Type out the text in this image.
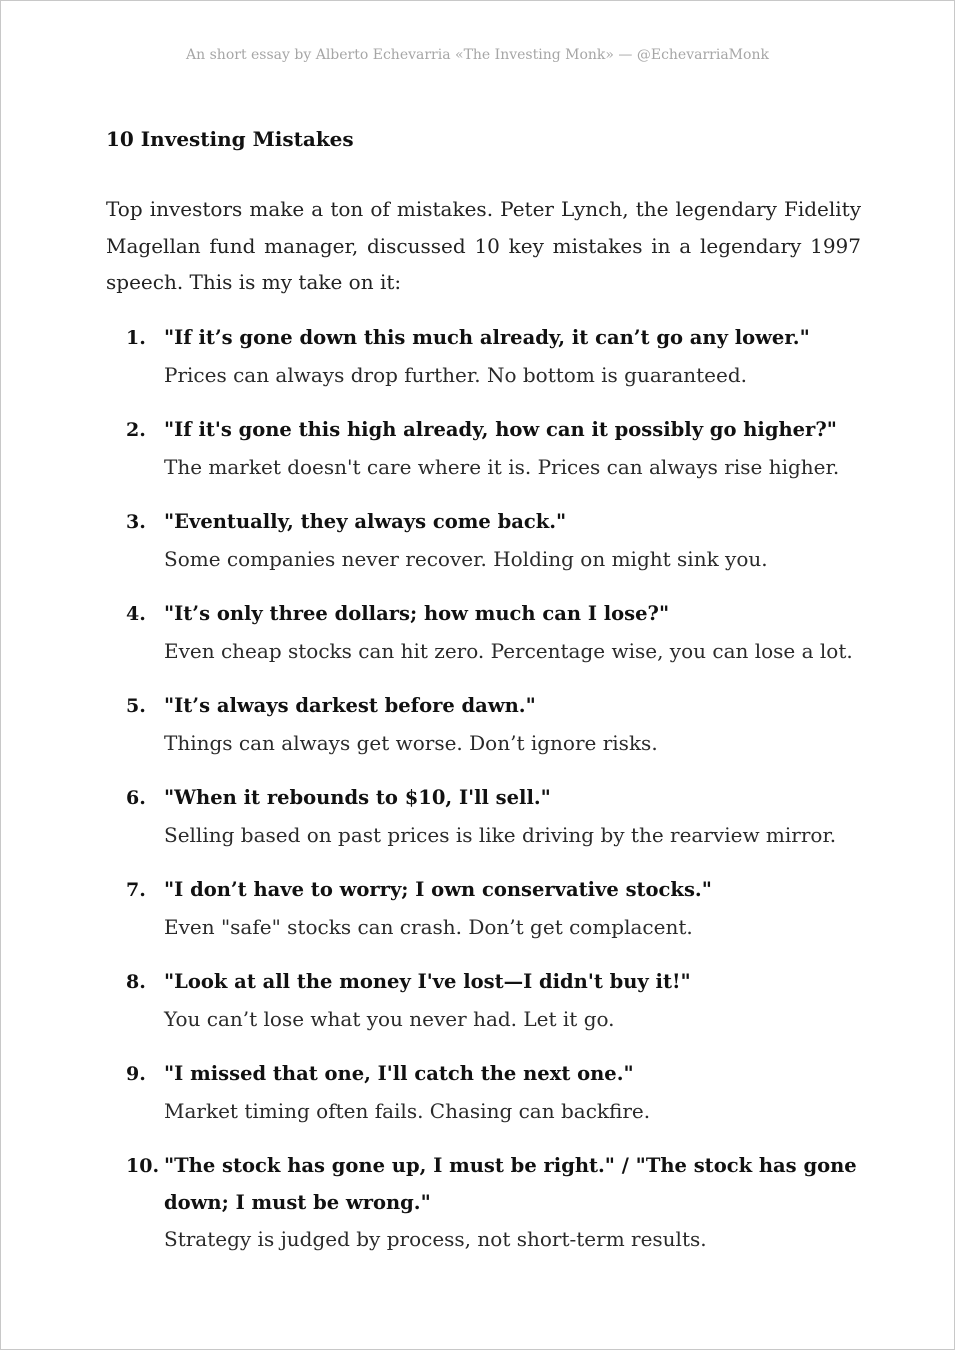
An short essay by Alberto Echevarria «The Investing Monk» — @EchevarriaMonk
10 Investing Mistakes

Top investors make a ton of mistakes. Peter Lynch, the legendary Fidelity Magellan fund manager, discussed 10 key mistakes in a legendary 1997 speech. This is my take on it:

1. "If it’s gone down this much already, it can’t go any lower."
Prices can always drop further. No bottom is guaranteed.
2. "If it's gone this high already, how can it possibly go higher?"
The market doesn't care where it is. Prices can always rise higher.
3. "Eventually, they always come back."
Some companies never recover. Holding on might sink you.
4. "It’s only three dollars; how much can I lose?"
Even cheap stocks can hit zero. Percentage wise, you can lose a lot.
5. "It’s always darkest before dawn."
Things can always get worse. Don’t ignore risks.
6. "When it rebounds to $10, I'll sell."
Selling based on past prices is like driving by the rearview mirror.
7. "I don’t have to worry; I own conservative stocks."
Even "safe" stocks can crash. Don’t get complacent.
8. "Look at all the money I've lost—I didn't buy it!"
You can’t lose what you never had. Let it go.
9. "I missed that one, I'll catch the next one."
Market timing often fails. Chasing can backfire.
10. "The stock has gone up, I must be right." / "The stock has gone down; I must be wrong."
Strategy is judged by process, not short-term results.
